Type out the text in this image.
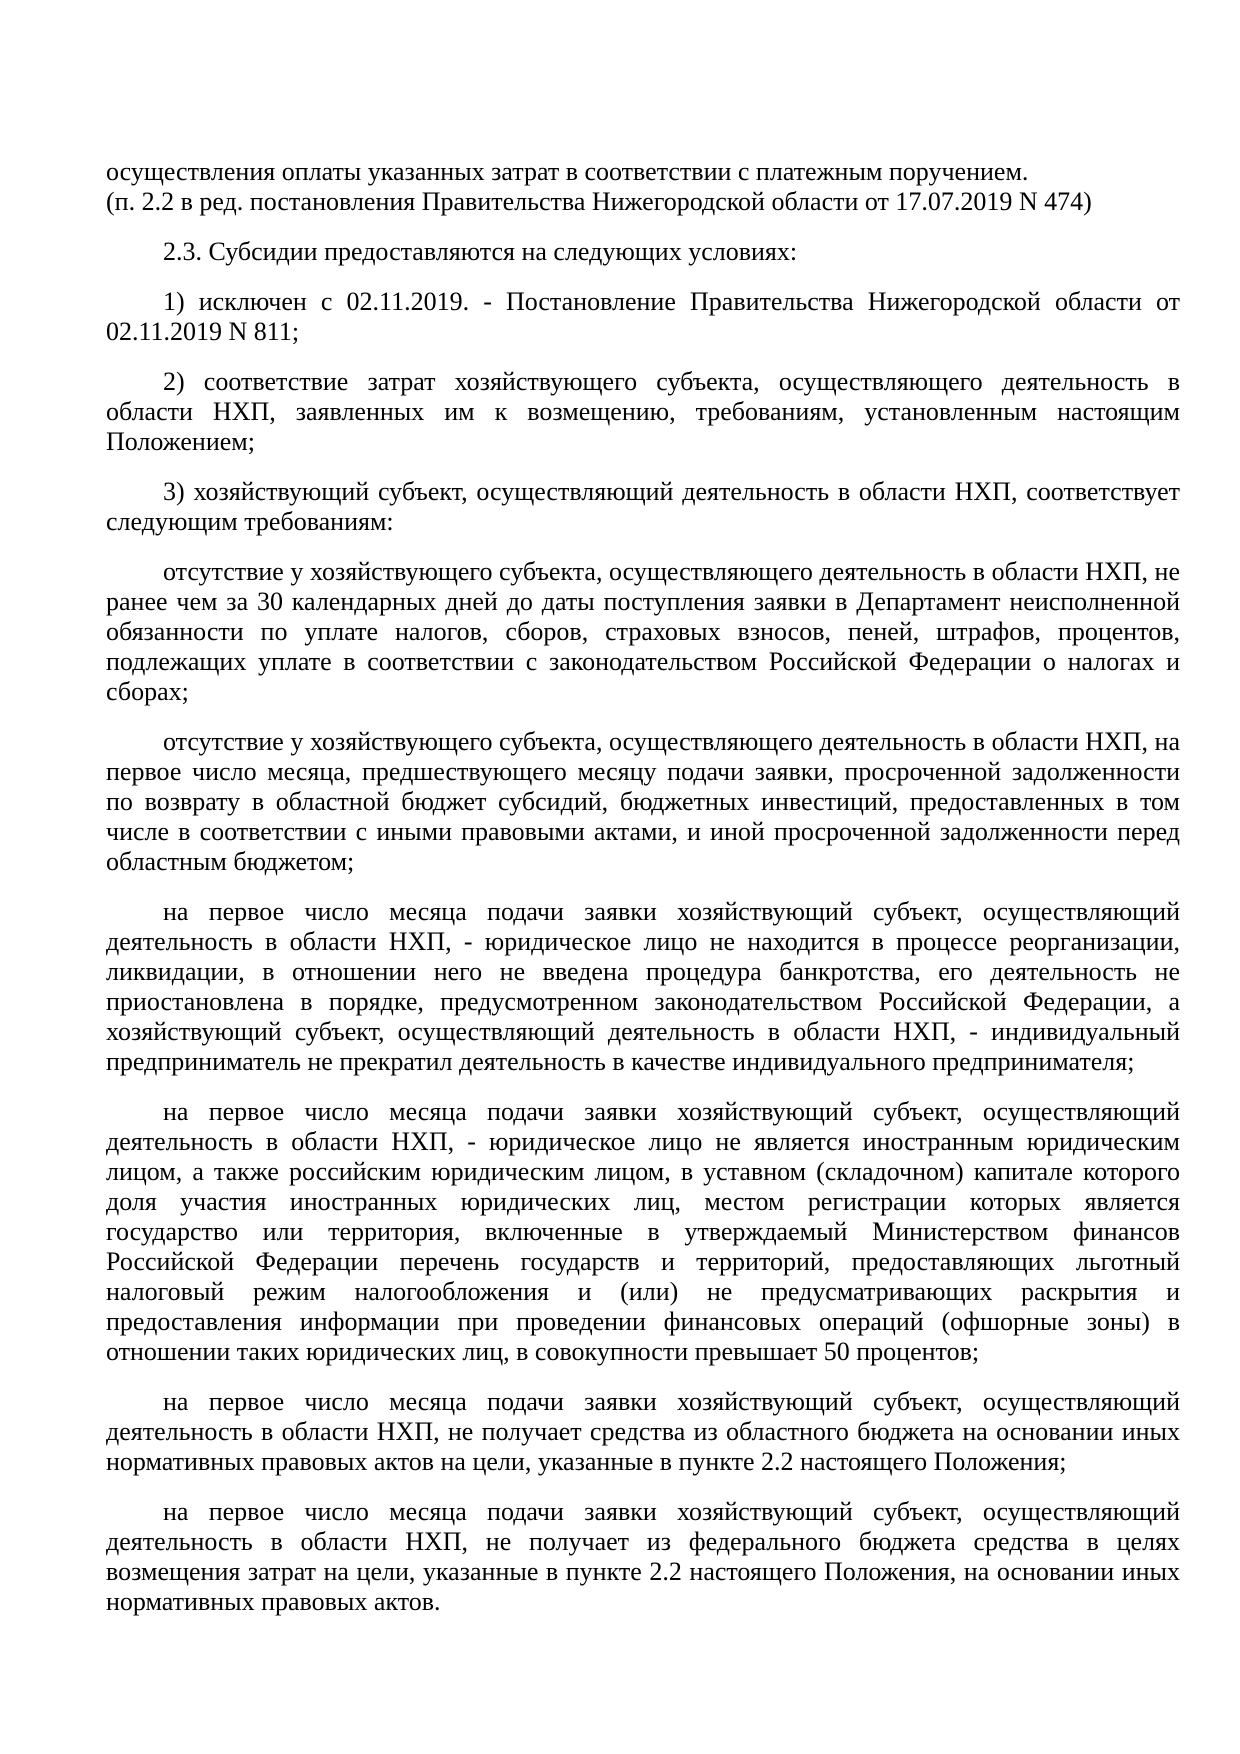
осуществления оплаты указанных затрат в соответствии с платежным поручением.

(п. 2.2 в ред. постановления Правительства Нижегородской области от 17.07.2019 N 474)

2.3. Субсидии предоставляются на следующих условиях:

1) исключен с 02.11.2019. - Постановление Правительства Нижегородской области от 02.11.2019 N 811;

2) соответствие затрат хозяйствующего субъекта, осуществляющего деятельность в области НХП, заявленных им к возмещению, требованиям, установленным настоящим Положением;

3) хозяйствующий субъект, осуществляющий деятельность в области НХП, соответствует следующим требованиям:

отсутствие у хозяйствующего субъекта, осуществляющего деятельность в области НХП, не ранее чем за 30 календарных дней до даты поступления заявки в Департамент неисполненной обязанности по уплате налогов, сборов, страховых взносов, пеней, штрафов, процентов, подлежащих уплате в соответствии с законодательством Российской Федерации о налогах и сборах;

отсутствие у хозяйствующего субъекта, осуществляющего деятельность в области НХП, на первое число месяца, предшествующего месяцу подачи заявки, просроченной задолженности по возврату в областной бюджет субсидий, бюджетных инвестиций, предоставленных в том числе в соответствии с иными правовыми актами, и иной просроченной задолженности перед областным бюджетом;

на первое число месяца подачи заявки хозяйствующий субъект, осуществляющий деятельность в области НХП, - юридическое лицо не находится в процессе реорганизации, ликвидации, в отношении него не введена процедура банкротства, его деятельность не приостановлена в порядке, предусмотренном законодательством Российской Федерации, а хозяйствующий субъект, осуществляющий деятельность в области НХП, - индивидуальный предприниматель не прекратил деятельность в качестве индивидуального предпринимателя;

на первое число месяца подачи заявки хозяйствующий субъект, осуществляющий деятельность в области НХП, - юридическое лицо не является иностранным юридическим лицом, а также российским юридическим лицом, в уставном (складочном) капитале которого доля участия иностранных юридических лиц, местом регистрации которых является государство или территория, включенные в утверждаемый Министерством финансов Российской Федерации перечень государств и территорий, предоставляющих льготный налоговый режим налогообложения и (или) не предусматривающих раскрытия и предоставления информации при проведении финансовых операций (офшорные зоны) в отношении таких юридических лиц, в совокупности превышает 50 процентов;

на первое число месяца подачи заявки хозяйствующий субъект, осуществляющий деятельность в области НХП, не получает средства из областного бюджета на основании иных нормативных правовых актов на цели, указанные в пункте 2.2 настоящего Положения;

на первое число месяца подачи заявки хозяйствующий субъект, осуществляющий деятельность в области НХП, не получает из федерального бюджета средства в целях возмещения затрат на цели, указанные в пункте 2.2 настоящего Положения, на основании иных нормативных правовых актов.
